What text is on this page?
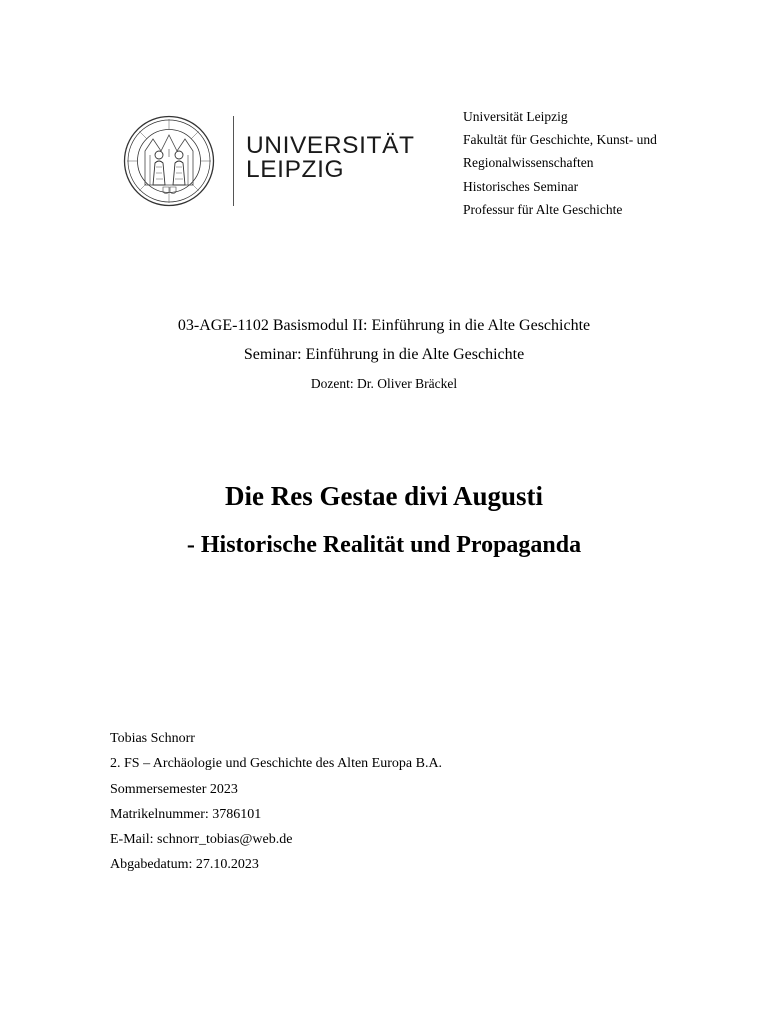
UNIVERSITÄT
LEIPZIG
Universität Leipzig
Fakultät für Geschichte, Kunst- und
Regionalwissenschaften
Historisches Seminar
Professur für Alte Geschichte
03-AGE-1102 Basismodul II: Einführung in die Alte Geschichte
Seminar: Einführung in die Alte Geschichte
Dozent: Dr. Oliver Bräckel
Die Res Gestae divi Augusti
- Historische Realität und Propaganda
Tobias Schnorr
2. FS – Archäologie und Geschichte des Alten Europa B.A.
Sommersemester 2023
Matrikelnummer: 3786101
E-Mail: schnorr_tobias@web.de
Abgabedatum: 27.10.2023
